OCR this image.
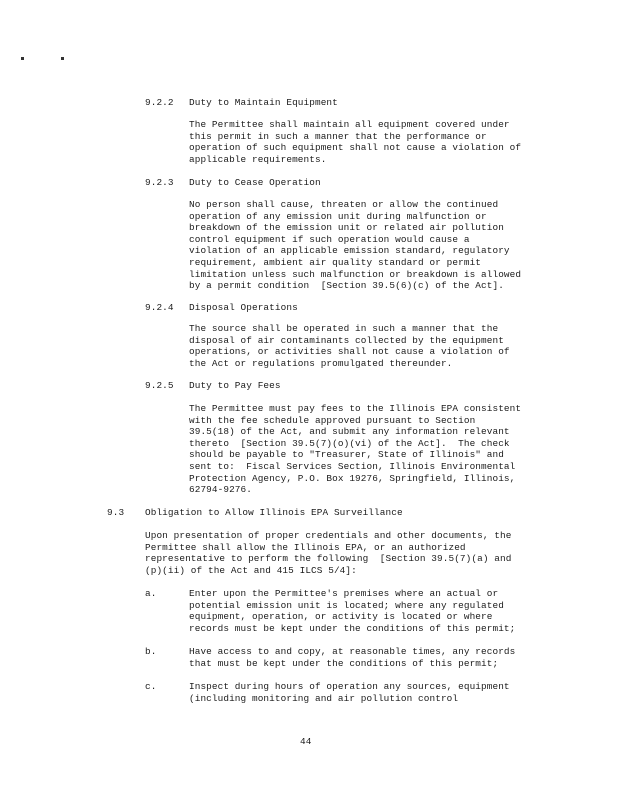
9.2.2 Duty to Maintain Equipment
The Permittee shall maintain all equipment covered under
this permit in such a manner that the performance or
operation of such equipment shall not cause a violation of
applicable requirements.
9.2.3 Duty to Cease Operation
No person shall cause, threaten or allow the continued
operation of any emission unit during malfunction or
breakdown of the emission unit or related air pollution
control equipment if such operation would cause a
violation of an applicable emission standard, regulatory
requirement, ambient air quality standard or permit
limitation unless such malfunction or breakdown is allowed
by a permit condition  [Section 39.5(6)(c) of the Act].
9.2.4 Disposal Operations
The source shall be operated in such a manner that the
disposal of air contaminants collected by the equipment
operations, or activities shall not cause a violation of
the Act or regulations promulgated thereunder.
9.2.5 Duty to Pay Fees
The Permittee must pay fees to the Illinois EPA consistent
with the fee schedule approved pursuant to Section
39.5(18) of the Act, and submit any information relevant
thereto  [Section 39.5(7)(o)(vi) of the Act].  The check
should be payable to "Treasurer, State of Illinois" and
sent to:  Fiscal Services Section, Illinois Environmental
Protection Agency, P.O. Box 19276, Springfield, Illinois,
62794-9276.
9.3 Obligation to Allow Illinois EPA Surveillance
Upon presentation of proper credentials and other documents, the
Permittee shall allow the Illinois EPA, or an authorized
representative to perform the following  [Section 39.5(7)(a) and
(p)(ii) of the Act and 415 ILCS 5/4]:
a.	Enter upon the Permittee's premises where an actual or
potential emission unit is located; where any regulated
equipment, operation, or activity is located or where
records must be kept under the conditions of this permit;
b.	Have access to and copy, at reasonable times, any records
that must be kept under the conditions of this permit;
c.	Inspect during hours of operation any sources, equipment
(including monitoring and air pollution control
44
